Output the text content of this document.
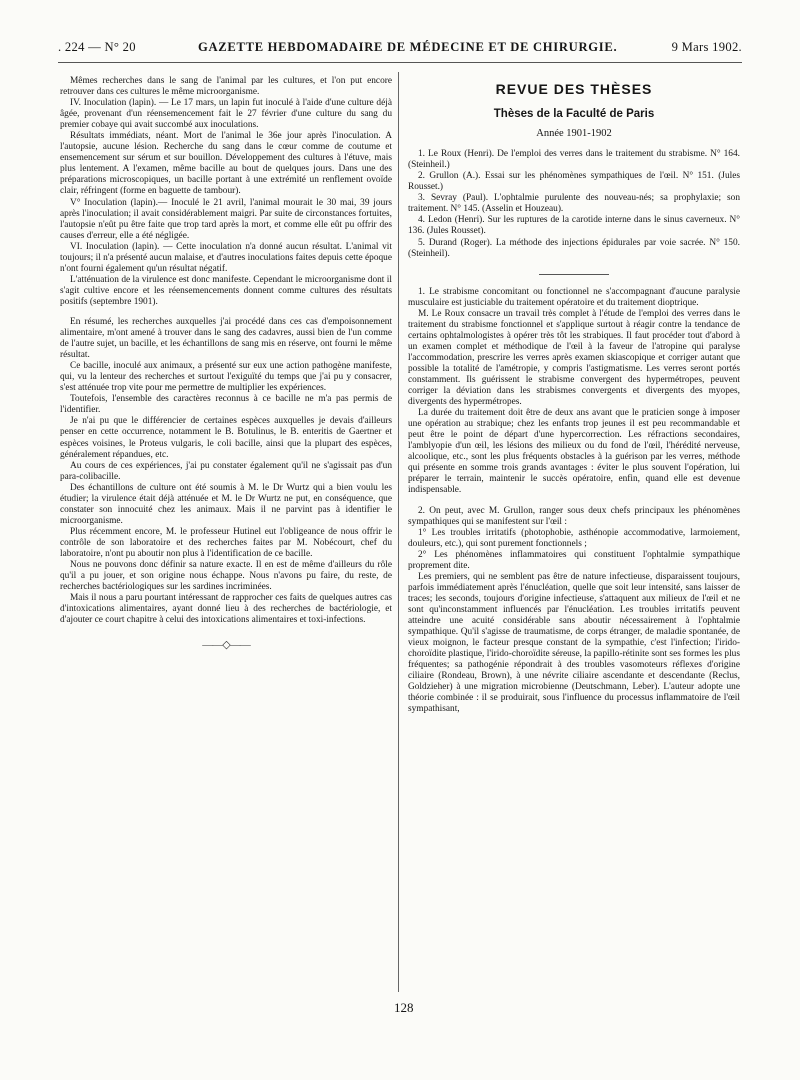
. 224 — N° 20	GAZETTE HEBDOMADAIRE DE MÉDECINE ET DE CHIRURGIE.	9 Mars 1902.

Mêmes recherches dans le sang de l'animal par les cultures, et l'on put encore retrouver dans ces cultures le même microorganisme.

IV. Inoculation (lapin). — Le 17 mars, un lapin fut inoculé à l'aide d'une culture déjà âgée, provenant d'un réensemencement fait le 27 février d'une culture du sang du premier cobaye qui avait succombé aux inoculations.

Résultats immédiats, néant. Mort de l'animal le 36e jour après l'inoculation. A l'autopsie, aucune lésion. Recherche du sang dans le cœur comme de coutume et ensemencement sur sérum et sur bouillon. Développement des cultures à l'étuve, mais plus lentement. A l'examen, même bacille au bout de quelques jours. Dans une des préparations microscopiques, un bacille portant à une extrémité un renflement ovoïde clair, réfringent (forme en baguette de tambour).

V° Inoculation (lapin).— Inoculé le 21 avril, l'animal mourait le 30 mai, 39 jours après l'inoculation; il avait considérablement maigri. Par suite de circonstances fortuites, l'autopsie n'eût pu être faite que trop tard après la mort, et comme elle eût pu offrir des causes d'erreur, elle a été négligée.

VI. Inoculation (lapin). — Cette inoculation n'a donné aucun résultat. L'animal vit toujours; il n'a présenté aucun malaise, et d'autres inoculations faites depuis cette époque n'ont fourni également qu'un résultat négatif.

L'atténuation de la virulence est donc manifeste. Cependant le microorganisme dont il s'agit cultive encore et les réensemencements donnent comme cultures des résultats positifs (septembre 1901).

En résumé, les recherches auxquelles j'ai procédé dans ces cas d'empoisonnement alimentaire, m'ont amené à trouver dans le sang des cadavres, aussi bien de l'un comme de l'autre sujet, un bacille, et les échantillons de sang mis en réserve, ont fourni le même résultat.

Ce bacille, inoculé aux animaux, a présenté sur eux une action pathogène manifeste, qui, vu la lenteur des recherches et surtout l'exiguïté du temps que j'ai pu y consacrer, s'est atténuée trop vite pour me permettre de multiplier les expériences.

Toutefois, l'ensemble des caractères reconnus à ce bacille ne m'a pas permis de l'identifier.

Je n'ai pu que le différencier de certaines espèces auxquelles je devais d'ailleurs penser en cette occurrence, notamment le B. Botulinus, le B. enteritis de Gaertner et espèces voisines, le Proteus vulgaris, le coli bacille, ainsi que la plupart des espèces, généralement répandues, etc.

Au cours de ces expériences, j'ai pu constater également qu'il ne s'agissait pas d'un para-colibacille.

Des échantillons de culture ont été soumis à M. le Dr Wurtz qui a bien voulu les étudier; la virulence était déjà atténuée et M. le Dr Wurtz ne put, en conséquence, que constater son innocuité chez les animaux. Mais il ne parvint pas à identifier le microorganisme.

Plus récemment encore, M. le professeur Hutinel eut l'obligeance de nous offrir le contrôle de son laboratoire et des recherches faites par M. Nobécourt, chef du laboratoire, n'ont pu aboutir non plus à l'identification de ce bacille.

Nous ne pouvons donc définir sa nature exacte. Il en est de même d'ailleurs du rôle qu'il a pu jouer, et son origine nous échappe. Nous n'avons pu faire, du reste, de recherches bactériologiques sur les sardines incriminées.

Mais il nous a paru pourtant intéressant de rapprocher ces faits de quelques autres cas d'intoxications alimentaires, ayant donné lieu à des recherches de bactériologie, et d'ajouter ce court chapitre à celui des intoxications alimentaires et toxi-infections.

——◇——
REVUE DES THÈSES
Thèses de la Faculté de Paris
Année 1901-1902

1. Le Roux (Henri). De l'emploi des verres dans le traitement du strabisme. N° 164. (Steinheil.)

2. Grullon (A.). Essai sur les phénomènes sympathiques de l'œil. N° 151. (Jules Rousset.)

3. Sevray (Paul). L'ophtalmie purulente des nouveau-nés; sa prophylaxie; son traitement. N° 145. (Asselin et Houzeau).

4. Ledon (Henri). Sur les ruptures de la carotide interne dans le sinus caverneux. N° 136. (Jules Rousset).

5. Durand (Roger). La méthode des injections épidurales par voie sacrée. N° 150. (Steinheil).

1. Le strabisme concomitant ou fonctionnel ne s'accompagnant d'aucune paralysie musculaire est justiciable du traitement opératoire et du traitement dioptrique.

M. Le Roux consacre un travail très complet à l'étude de l'emploi des verres dans le traitement du strabisme fonctionnel et s'applique surtout à réagir contre la tendance de certains ophtalmologistes à opérer très tôt les strabiques. Il faut procéder tout d'abord à un examen complet et méthodique de l'œil à la faveur de l'atropine qui paralyse l'accommodation, prescrire les verres après examen skiascopique et corriger autant que possible la totalité de l'amétropie, y compris l'astigmatisme. Les verres seront portés constamment. Ils guérissent le strabisme convergent des hypermétropes, peuvent corriger la déviation dans les strabismes convergents et divergents des myopes, divergents des hypermétropes.

La durée du traitement doit être de deux ans avant que le praticien songe à imposer une opération au strabique; chez les enfants trop jeunes il est peu recommandable et peut être le point de départ d'une hypercorrection. Les réfractions secondaires, l'amblyopie d'un œil, les lésions des milieux ou du fond de l'œil, l'hérédité nerveuse, alcoolique, etc., sont les plus fréquents obstacles à la guérison par les verres, méthode qui présente en somme trois grands avantages : éviter le plus souvent l'opération, lui préparer le terrain, maintenir le succès opératoire, enfin, quand elle est devenue indispensable.

2. On peut, avec M. Grullon, ranger sous deux chefs principaux les phénomènes sympathiques qui se manifestent sur l'œil :

1° Les troubles irritatifs (photophobie, asthénopie accommodative, larmoiement, douleurs, etc.), qui sont purement fonctionnels ;

2° Les phénomènes inflammatoires qui constituent l'ophtalmie sympathique proprement dite.

Les premiers, qui ne semblent pas être de nature infectieuse, disparaissent toujours, parfois immédiatement après l'énucléation, quelle que soit leur intensité, sans laisser de traces; les seconds, toujours d'origine infectieuse, s'attaquent aux milieux de l'œil et ne sont qu'inconstamment influencés par l'énucléation. Les troubles irritatifs peuvent atteindre une acuité considérable sans aboutir nécessairement à l'ophtalmie sympathique. Qu'il s'agisse de traumatisme, de corps étranger, de maladie spontanée, de vieux moignon, le facteur presque constant de la sympathie, c'est l'infection; l'irido-choroïdite plastique, l'irido-choroïdite séreuse, la papillo-rétinite sont ses formes les plus fréquentes; sa pathogénie répondrait à des troubles vasomoteurs réflexes d'origine ciliaire (Rondeau, Brown), à une névrite ciliaire ascendante et descendante (Reclus, Goldzieher) à une migration microbienne (Deutschmann, Leber). L'auteur adopte une théorie combinée : il se produirait, sous l'influence du processus inflammatoire de l'œil sympathisant,

128
